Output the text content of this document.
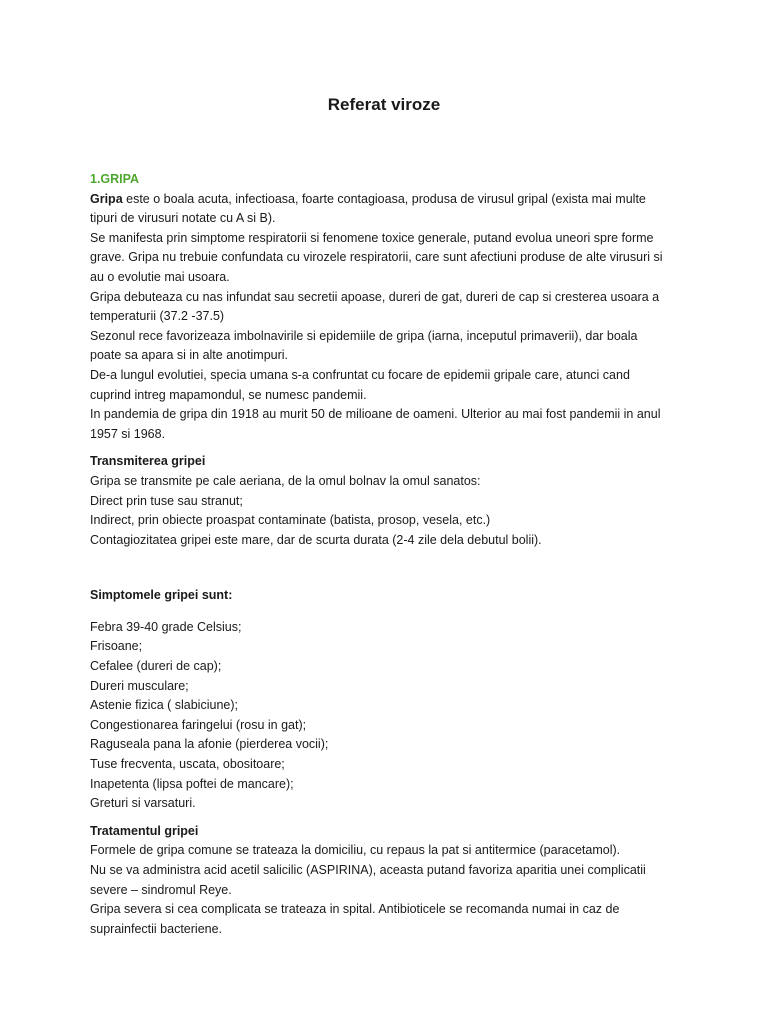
Referat viroze

1.GRIPA

Gripa este o boala acuta, infectioasa, foarte contagioasa, produsa de virusul gripal (exista mai multe

tipuri de virusuri notate cu A si B).

Se manifesta prin simptome respiratorii si fenomene toxice generale, putand evolua uneori spre forme

grave. Gripa nu trebuie confundata cu virozele respiratorii, care sunt afectiuni produse de alte virusuri si

au o evolutie mai usoara.

Gripa debuteaza cu nas infundat sau secretii apoase, dureri de gat, dureri de cap si cresterea usoara a

temperaturii (37.2 -37.5)

Sezonul rece favorizeaza imbolnavirile si epidemiile de gripa (iarna, inceputul primaverii), dar boala

poate sa apara si in alte anotimpuri.

De-a lungul evolutiei, specia umana s-a confruntat cu focare de epidemii gripale care, atunci cand

cuprind intreg mapamondul, se numesc pandemii.

In pandemia de gripa din 1918 au murit 50 de milioane de oameni. Ulterior au mai fost pandemii in anul

1957 si 1968.

Transmiterea gripei

Gripa se transmite pe cale aeriana, de la omul bolnav la omul sanatos:

Direct prin tuse sau stranut;

Indirect, prin obiecte proaspat contaminate (batista, prosop, vesela, etc.)

Contagiozitatea gripei este mare, dar de scurta durata (2-4 zile dela debutul bolii).

Simptomele gripei sunt:

Febra 39-40 grade Celsius;

Frisoane;

Cefalee (dureri de cap);

Dureri musculare;

Astenie fizica ( slabiciune);

Congestionarea faringelui (rosu in gat);

Raguseala pana la afonie (pierderea vocii);

Tuse frecventa, uscata, obositoare;

Inapetenta (lipsa poftei de mancare);

Greturi si varsaturi.

Tratamentul gripei

Formele de gripa comune se trateaza la domiciliu, cu repaus la pat si antitermice (paracetamol).

Nu se va administra acid acetil salicilic (ASPIRINA), aceasta putand favoriza aparitia unei complicatii

severe – sindromul Reye.

Gripa severa si cea complicata se trateaza in spital. Antibioticele se recomanda numai in caz de

suprainfectii bacteriene.
